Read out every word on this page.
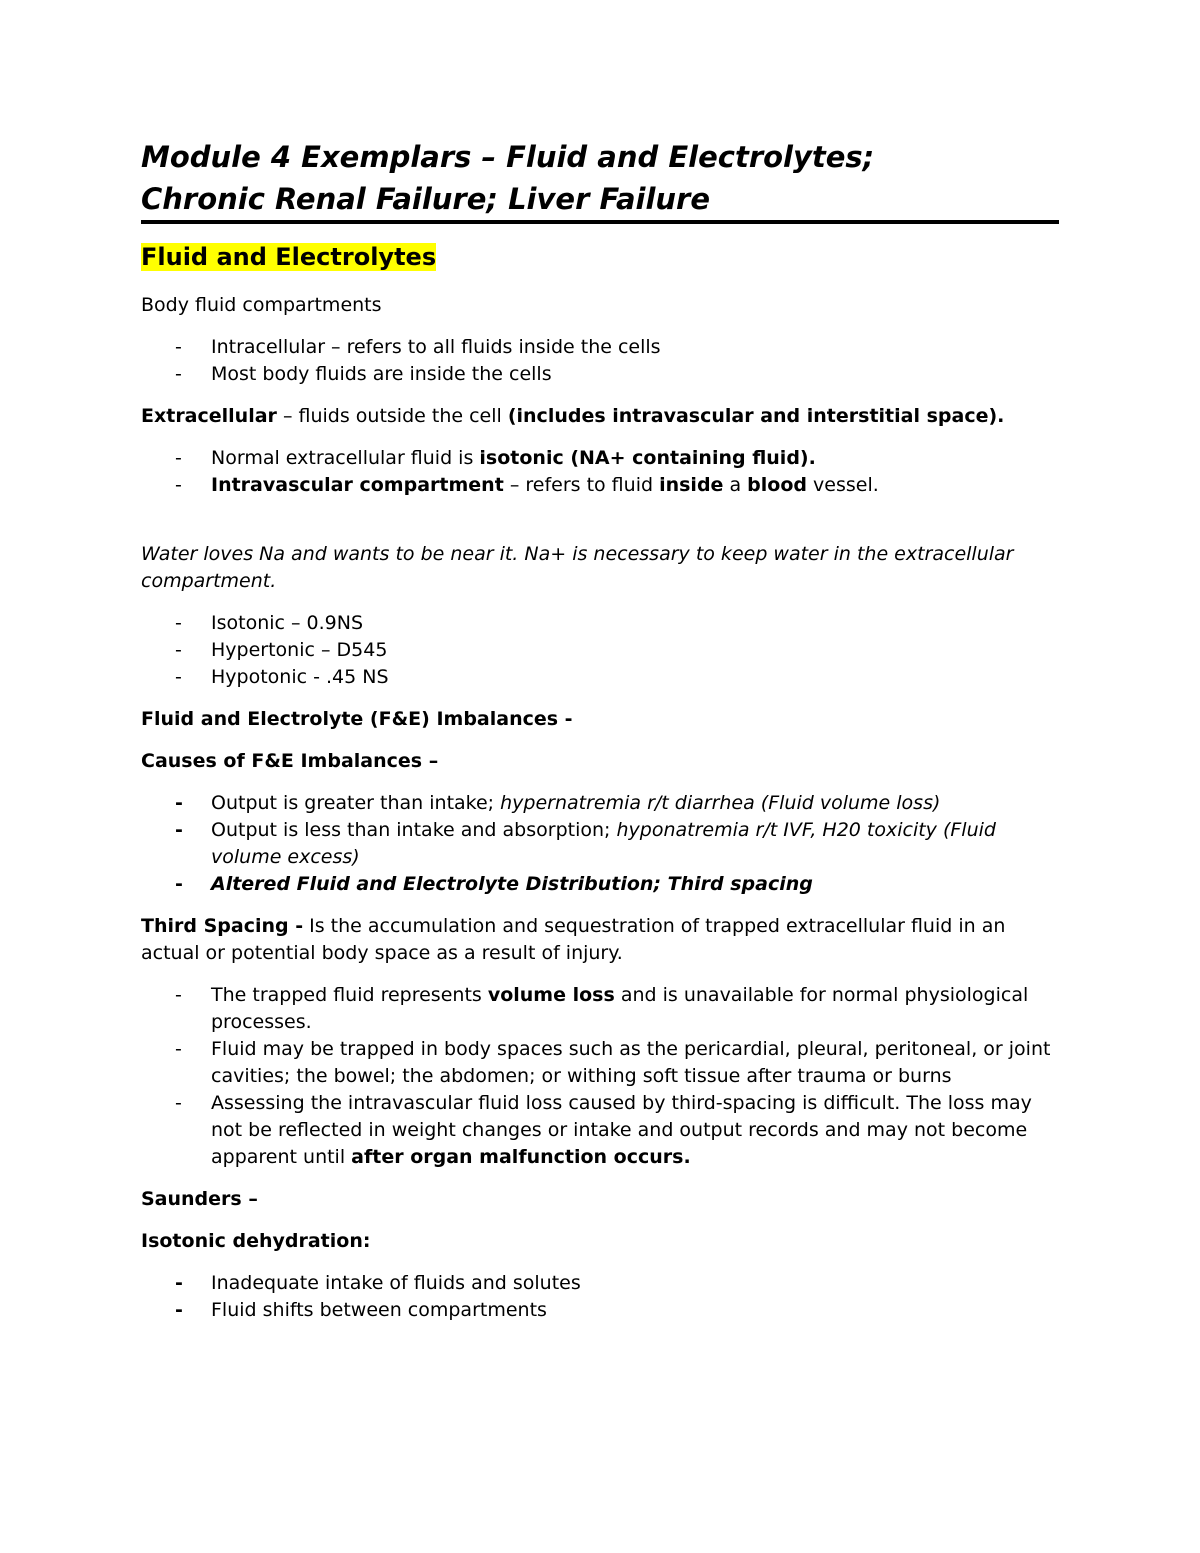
Module 4 Exemplars – Fluid and Electrolytes;
Chronic Renal Failure; Liver Failure
Fluid and Electrolytes

Body fluid compartments

- Intracellular – refers to all fluids inside the cells
- Most body fluids are inside the cells

Extracellular – fluids outside the cell (includes intravascular and interstitial space).

- Normal extracellular fluid is isotonic (NA+ containing fluid).
- Intravascular compartment – refers to fluid inside a blood vessel.

Water loves Na and wants to be near it. Na+ is necessary to keep water in the extracellular compartment.

- Isotonic – 0.9NS
- Hypertonic – D545
- Hypotonic - .45 NS

Fluid and Electrolyte (F&E) Imbalances -

Causes of F&E Imbalances –

- Output is greater than intake; hypernatremia r/t diarrhea (Fluid volume loss)
- Output is less than intake and absorption; hyponatremia r/t IVF, H20 toxicity (Fluid volume excess)
- Altered Fluid and Electrolyte Distribution; Third spacing

Third Spacing - Is the accumulation and sequestration of trapped extracellular fluid in an actual or potential body space as a result of injury.

- The trapped fluid represents volume loss and is unavailable for normal physiological processes.
- Fluid may be trapped in body spaces such as the pericardial, pleural, peritoneal, or joint cavities; the bowel; the abdomen; or withing soft tissue after trauma or burns
- Assessing the intravascular fluid loss caused by third-spacing is difficult. The loss may not be reflected in weight changes or intake and output records and may not become apparent until after organ malfunction occurs.

Saunders –

Isotonic dehydration:

- Inadequate intake of fluids and solutes
- Fluid shifts between compartments
